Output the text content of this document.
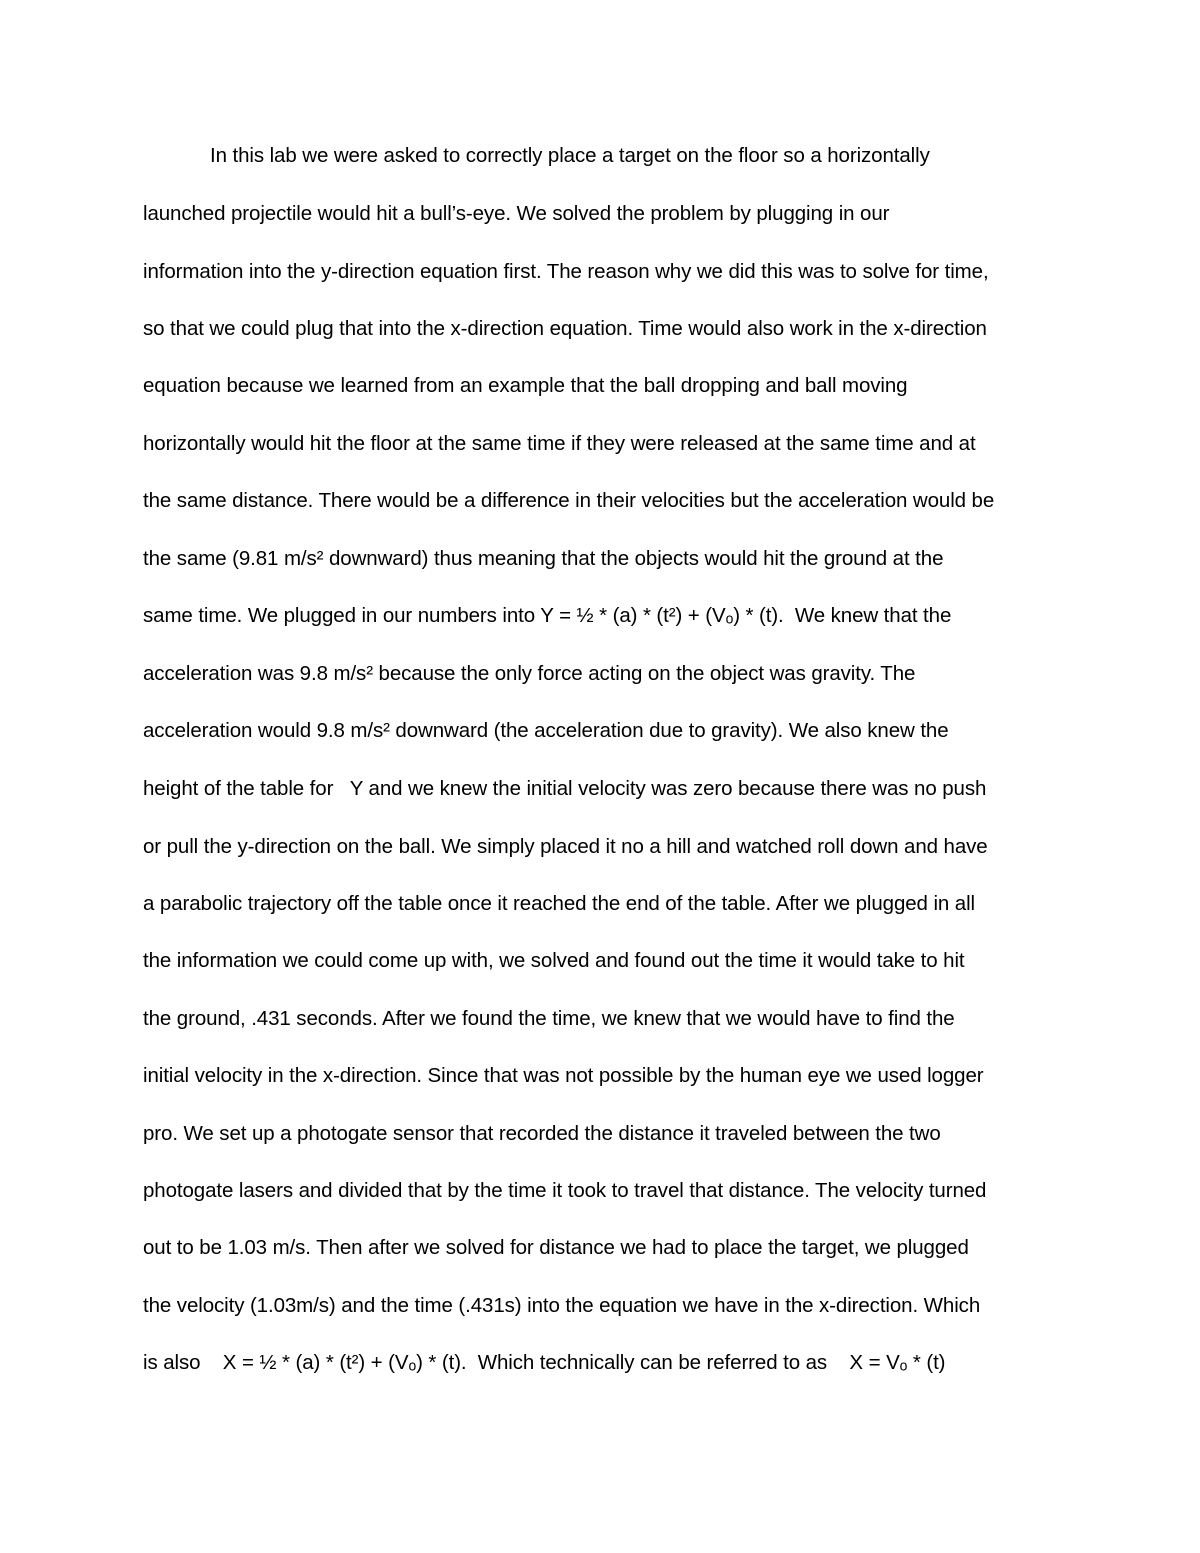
In this lab we were asked to correctly place a target on the floor so a horizontally
launched projectile would hit a bull’s-eye. We solved the problem by plugging in our
information into the y-direction equation first. The reason why we did this was to solve for time,
so that we could plug that into the x-direction equation. Time would also work in the x-direction
equation because we learned from an example that the ball dropping and ball moving
horizontally would hit the floor at the same time if they were released at the same time and at
the same distance. There would be a difference in their velocities but the acceleration would be
the same (9.81 m/s² downward) thus meaning that the objects would hit the ground at the
same time. We plugged in our numbers into Y = ½ * (a) * (t²) + (Vₒ) * (t).  We knew that the
acceleration was 9.8 m/s² because the only force acting on the object was gravity. The
acceleration would 9.8 m/s² downward (the acceleration due to gravity). We also knew the
height of the table for   Y and we knew the initial velocity was zero because there was no push
or pull the y-direction on the ball. We simply placed it no a hill and watched roll down and have
a parabolic trajectory off the table once it reached the end of the table. After we plugged in all
the information we could come up with, we solved and found out the time it would take to hit
the ground, .431 seconds. After we found the time, we knew that we would have to find the
initial velocity in the x-direction. Since that was not possible by the human eye we used logger
pro. We set up a photogate sensor that recorded the distance it traveled between the two
photogate lasers and divided that by the time it took to travel that distance. The velocity turned
out to be 1.03 m/s. Then after we solved for distance we had to place the target, we plugged
the velocity (1.03m/s) and the time (.431s) into the equation we have in the x-direction. Which
is also    X = ½ * (a) * (t²) + (Vₒ) * (t).  Which technically can be referred to as    X = Vₒ * (t)
